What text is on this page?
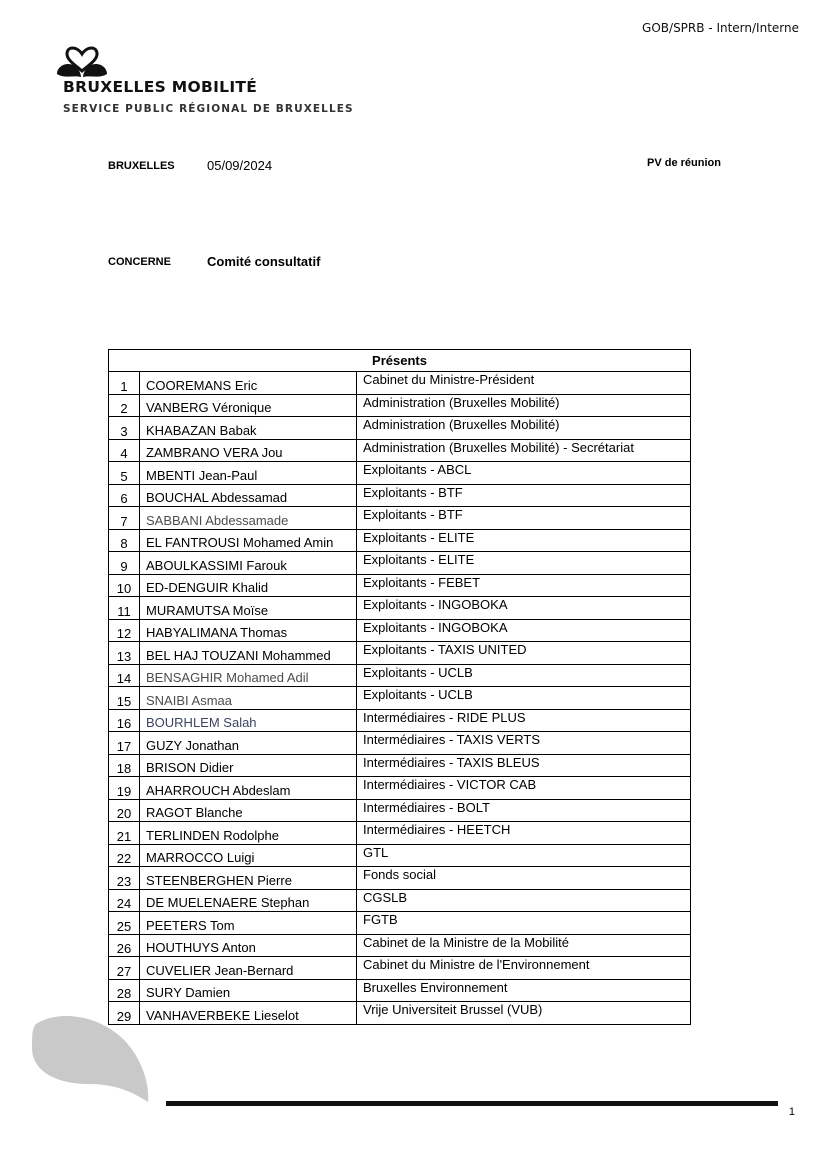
GOB/SPRB - Intern/Interne
BRUXELLES MOBILITÉ
SERVICE PUBLIC RÉGIONAL DE BRUXELLES
BRUXELLES 05/09/2024	PV de réunion
CONCERNE	Comité consultatif
Présents		
1	COOREMANS Eric	Cabinet du Ministre-Président
2	VANBERG Véronique	Administration (Bruxelles Mobilité)
3	KHABAZAN Babak	Administration (Bruxelles Mobilité)
4	ZAMBRANO VERA Jou	Administration (Bruxelles Mobilité) - Secrétariat
5	MBENTI Jean-Paul	Exploitants - ABCL
6	BOUCHAL Abdessamad	Exploitants - BTF
7	SABBANI Abdessamade	Exploitants - BTF
8	EL FANTROUSI Mohamed Amin	Exploitants - ELITE
9	ABOULKASSIMI Farouk	Exploitants - ELITE
10	ED-DENGUIR Khalid	Exploitants - FEBET
11	MURAMUTSA Moïse	Exploitants - INGOBOKA
12	HABYALIMANA Thomas	Exploitants - INGOBOKA
13	BEL HAJ TOUZANI Mohammed	Exploitants - TAXIS UNITED
14	BENSAGHIR Mohamed Adil	Exploitants - UCLB
15	SNAIBI Asmaa	Exploitants - UCLB
16	BOURHLEM Salah	Intermédiaires - RIDE PLUS
17	GUZY Jonathan	Intermédiaires - TAXIS VERTS
18	BRISON Didier	Intermédiaires - TAXIS BLEUS
19	AHARROUCH Abdeslam	Intermédiaires - VICTOR CAB
20	RAGOT Blanche	Intermédiaires - BOLT
21	TERLINDEN Rodolphe	Intermédiaires - HEETCH
22	MARROCCO Luigi	GTL
23	STEENBERGHEN Pierre	Fonds social
24	DE MUELENAERE Stephan	CGSLB
25	PEETERS Tom	FGTB
26	HOUTHUYS Anton	Cabinet de la Ministre de la Mobilité
27	CUVELIER Jean-Bernard	Cabinet du Ministre de l'Environnement
28	SURY Damien	Bruxelles Environnement
29	VANHAVERBEKE Lieselot	Vrije Universiteit Brussel (VUB)
1
